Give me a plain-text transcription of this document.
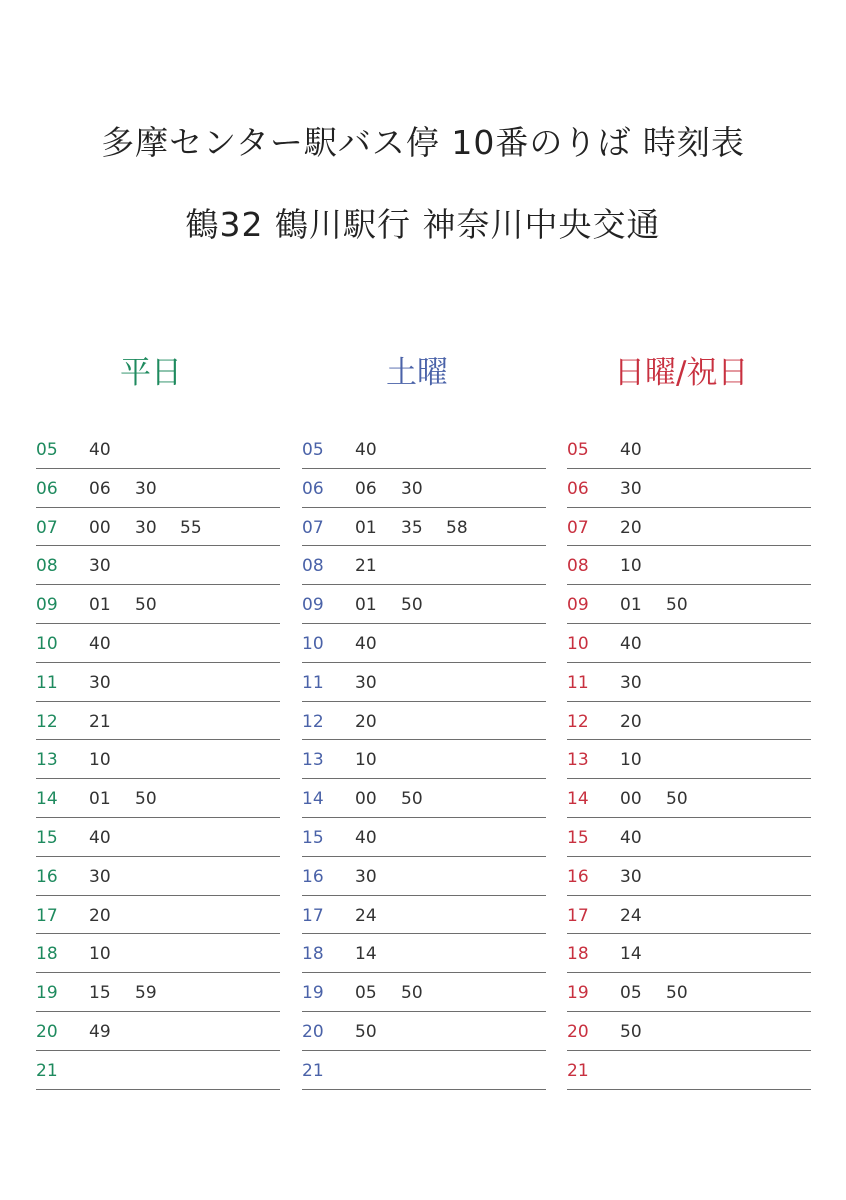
多摩センター駅バス停 10番のりば 時刻表
鶴32 鶴川駅行 神奈川中央交通
平日
05 40
06 06 30
07 00 30 55
08 30
09 01 50
10 40
11 30
12 21
13 10
14 01 50
15 40
16 30
17 20
18 10
19 15 59
20 49
21
土曜
05 40
06 06 30
07 01 35 58
08 21
09 01 50
10 40
11 30
12 20
13 10
14 00 50
15 40
16 30
17 24
18 14
19 05 50
20 50
21
日曜/祝日
05 40
06 30
07 20
08 10
09 01 50
10 40
11 30
12 20
13 10
14 00 50
15 40
16 30
17 24
18 14
19 05 50
20 50
21
